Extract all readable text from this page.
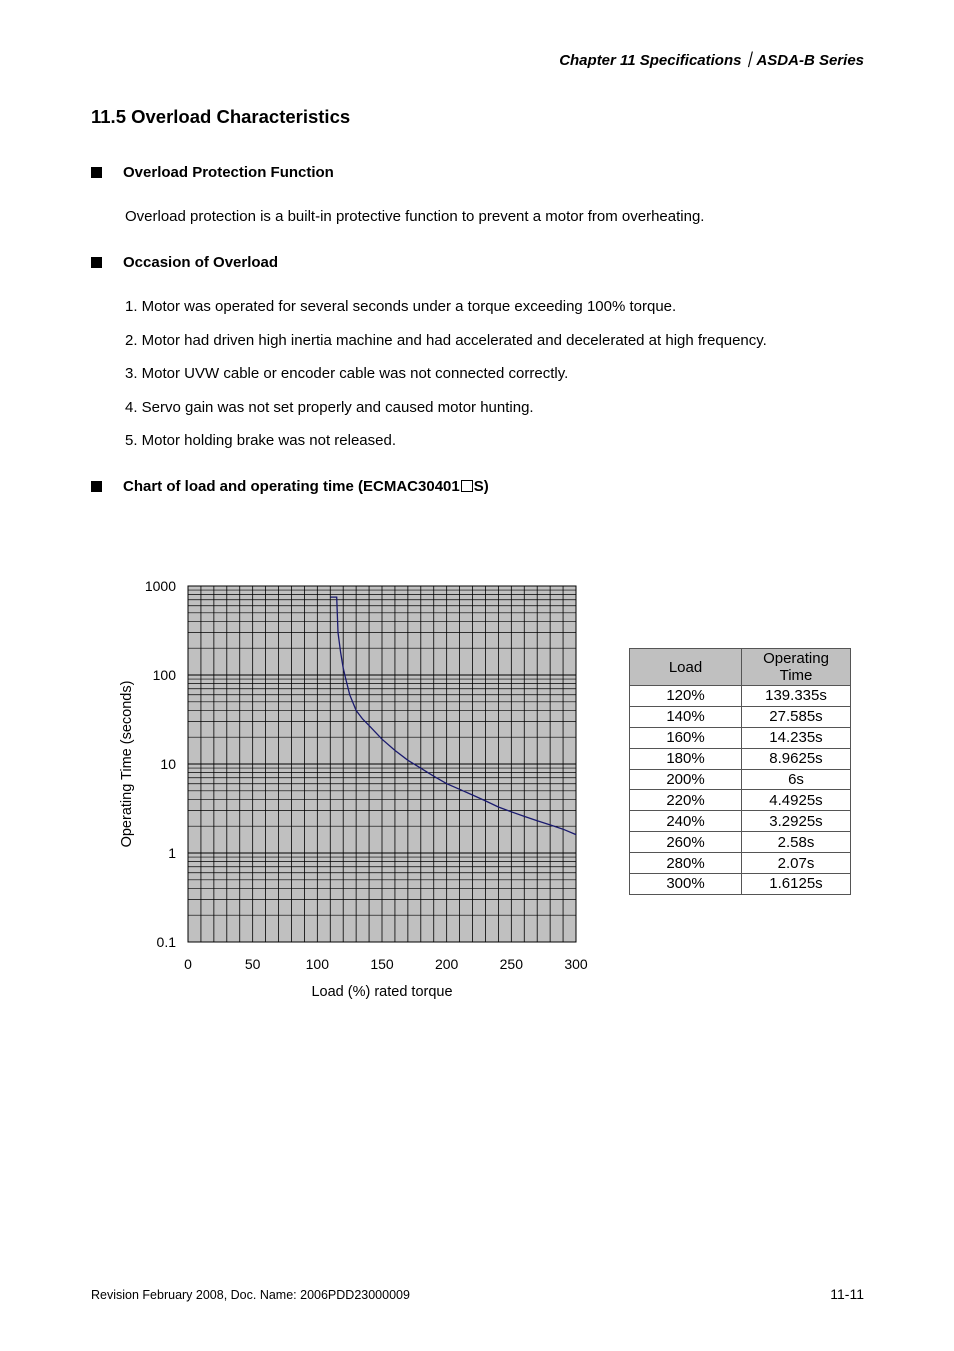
Chapter 11 Specifications｜ASDA-B Series
11.5 Overload Characteristics
Overload Protection Function
Overload protection is a built-in protective function to prevent a motor from overheating.
Occasion of Overload
1. Motor was operated for several seconds under a torque exceeding 100% torque.
2. Motor had driven high inertia machine and had accelerated and decelerated at high frequency.
3. Motor UVW cable or encoder cable was not connected correctly.
4. Servo gain was not set properly and caused motor hunting.
5. Motor holding brake was not released.
Chart of load and operating time (ECMAC30401 S)
0.1
1
10
100
1000
0	50	100	150	200	250	300
Load (%) rated torque
Operating Time (seconds)
Load	Operating
Time
120%	139.335s
140%	27.585s
160%	14.235s
180%	8.9625s
200%	6s
220%	4.4925s
240%	3.2925s
260%	2.58s
280%	2.07s
300%	1.6125s
Revision February 2008, Doc. Name: 2006PDD23000009	11-11
